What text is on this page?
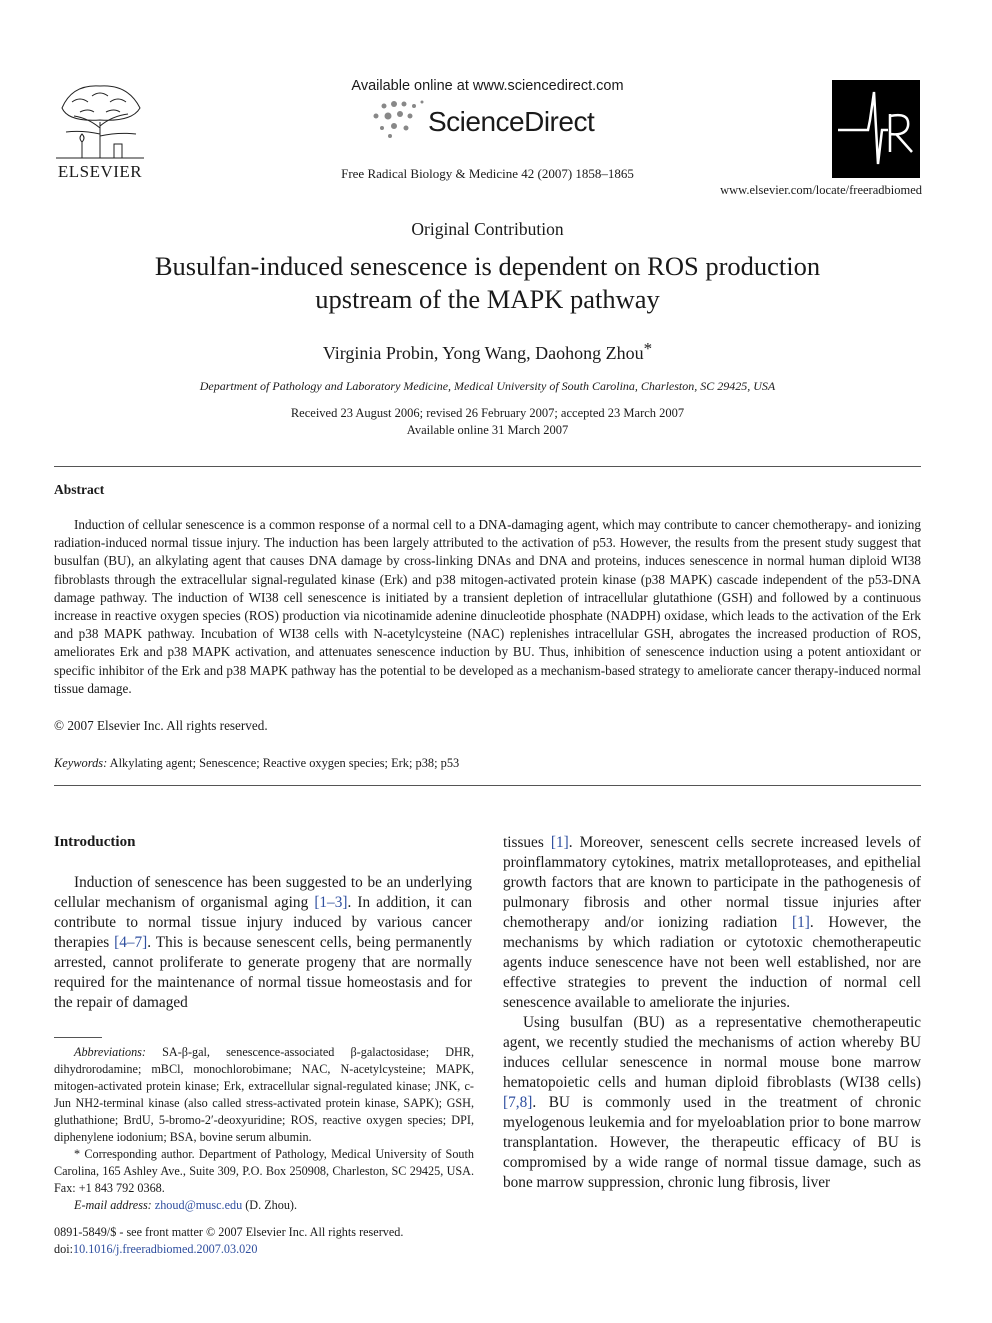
ELSEVIER
Available online at www.sciencedirect.com
ScienceDirect
Free Radical Biology & Medicine 42 (2007) 1858–1865
www.elsevier.com/locate/freeradbiomed
Original Contribution
Busulfan-induced senescence is dependent on ROS production
upstream of the MAPK pathway
Virginia Probin, Yong Wang, Daohong Zhou*
Department of Pathology and Laboratory Medicine, Medical University of South Carolina, Charleston, SC 29425, USA
Received 23 August 2006; revised 26 February 2007; accepted 23 March 2007
Available online 31 March 2007
Abstract
Induction of cellular senescence is a common response of a normal cell to a DNA-damaging agent, which may contribute to cancer chemotherapy- and ionizing radiation-induced normal tissue injury. The induction has been largely attributed to the activation of p53. However, the results from the present study suggest that busulfan (BU), an alkylating agent that causes DNA damage by cross-linking DNAs and DNA and proteins, induces senescence in normal human diploid WI38 fibroblasts through the extracellular signal-regulated kinase (Erk) and p38 mitogen-activated protein kinase (p38 MAPK) cascade independent of the p53-DNA damage pathway. The induction of WI38 cell senescence is initiated by a transient depletion of intracellular glutathione (GSH) and followed by a continuous increase in reactive oxygen species (ROS) production via nicotinamide adenine dinucleotide phosphate (NADPH) oxidase, which leads to the activation of the Erk and p38 MAPK pathway. Incubation of WI38 cells with N-acetylcysteine (NAC) replenishes intracellular GSH, abrogates the increased production of ROS, ameliorates Erk and p38 MAPK activation, and attenuates senescence induction by BU. Thus, inhibition of senescence induction using a potent antioxidant or specific inhibitor of the Erk and p38 MAPK pathway has the potential to be developed as a mechanism-based strategy to ameliorate cancer therapy-induced normal tissue damage.
© 2007 Elsevier Inc. All rights reserved.
Keywords: Alkylating agent; Senescence; Reactive oxygen species; Erk; p38; p53
Introduction

Induction of senescence has been suggested to be an underlying cellular mechanism of organismal aging [1–3]. In addition, it can contribute to normal tissue injury induced by various cancer therapies [4–7]. This is because senescent cells, being permanently arrested, cannot proliferate to generate progeny that are normally required for the maintenance of normal tissue homeostasis and for the repair of damaged

Abbreviations: SA-β-gal, senescence-associated β-galactosidase; DHR, dihydrorodamine; mBCl, monochlorobimane; NAC, N-acetylcysteine; MAPK, mitogen-activated protein kinase; Erk, extracellular signal-regulated kinase; JNK, c-Jun NH2-terminal kinase (also called stress-activated protein kinase, SAPK); GSH, gluthathione; BrdU, 5-bromo-2′-deoxyuridine; ROS, reactive oxygen species; DPI, diphenylene iodonium; BSA, bovine serum albumin.

* Corresponding author. Department of Pathology, Medical University of South Carolina, 165 Ashley Ave., Suite 309, P.O. Box 250908, Charleston, SC 29425, USA. Fax: +1 843 792 0368.

E-mail address: zhoud@musc.edu (D. Zhou).

0891-5849/$ - see front matter © 2007 Elsevier Inc. All rights reserved.
doi:10.1016/j.freeradbiomed.2007.03.020

tissues [1]. Moreover, senescent cells secrete increased levels of proinflammatory cytokines, matrix metalloproteases, and epithelial growth factors that are known to participate in the pathogenesis of pulmonary fibrosis and other normal tissue injuries after chemotherapy and/or ionizing radiation [1]. However, the mechanisms by which radiation or cytotoxic chemotherapeutic agents induce senescence have not been well established, nor are effective strategies to prevent the induction of normal cell senescence available to ameliorate the injuries.

Using busulfan (BU) as a representative chemotherapeutic agent, we recently studied the mechanisms of action whereby BU induces cellular senescence in normal mouse bone marrow hematopoietic cells and human diploid fibroblasts (WI38 cells) [7,8]. BU is commonly used in the treatment of chronic myelogenous leukemia and for myeloablation prior to bone marrow transplantation. However, the therapeutic efficacy of BU is compromised by a wide range of normal tissue damage, such as bone marrow suppression, chronic lung fibrosis, liver
